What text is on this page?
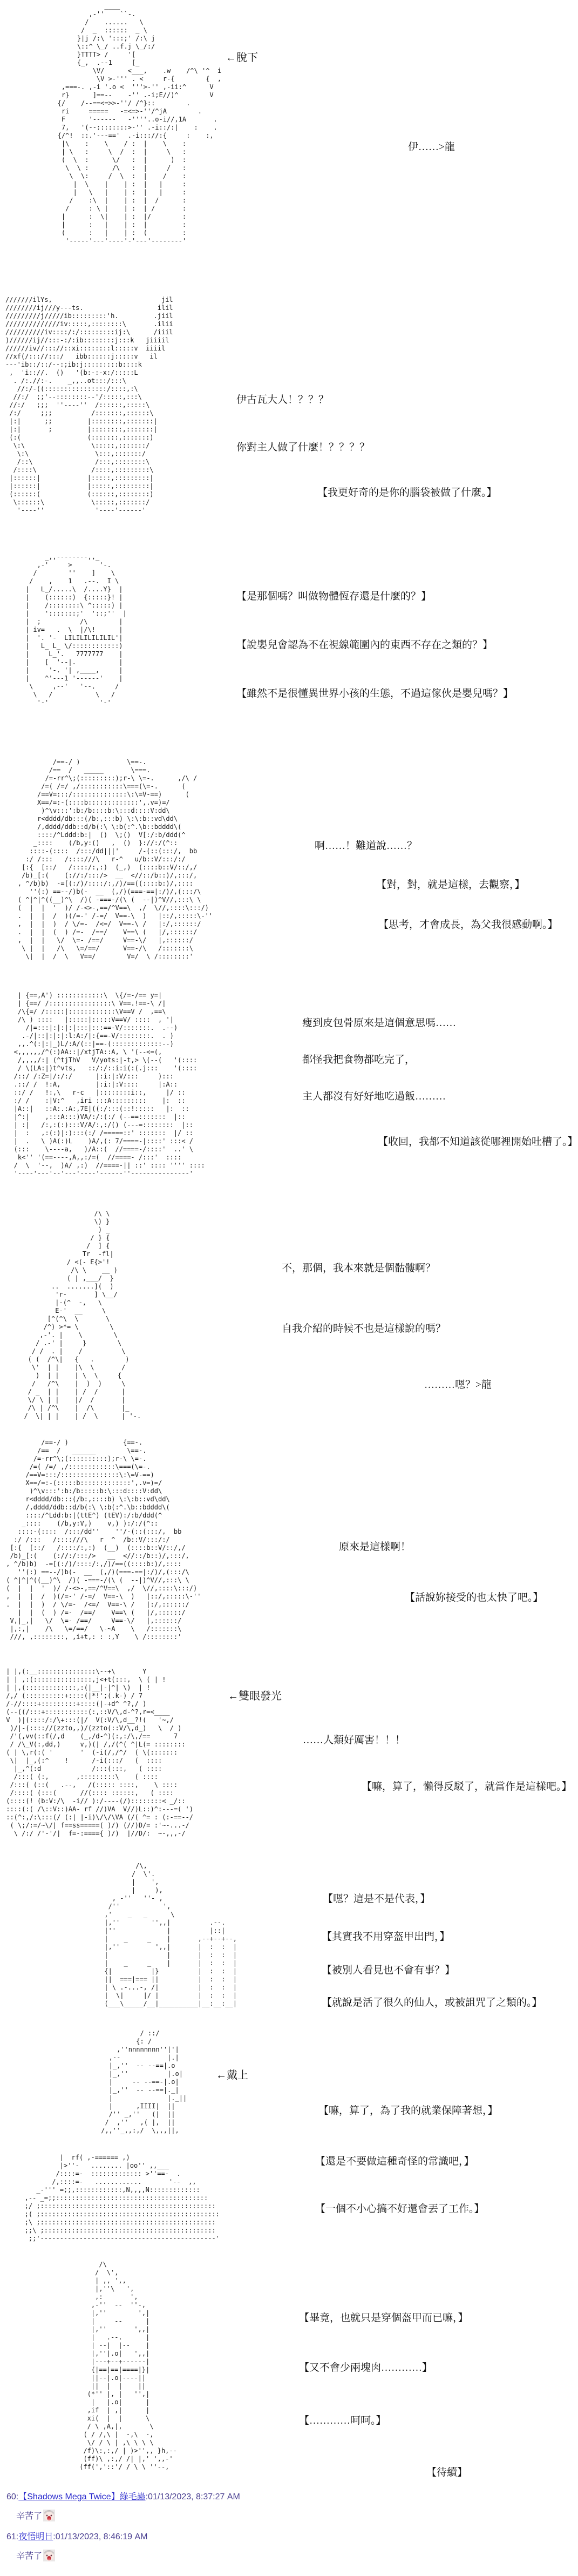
____
,-''    ``-.
/    ......   \
/  _  ::::::  _ \
}|j /:\ ':::;' /:\ j
\::^ \_/ ..f.j \_/:/
}TTTT> /     '[
{_,  .--1     [_
\V/      <___,    .w    /^\ '^  i
\V >-''' . <     r-{        {  ,
,===-. ,-i '.o <  '''>-'' ,-ii:^      V
r}      ]==--    -'' .-i;E//)^        V
{/    /--==<=>>-''/ /^}::        .
ri     =====   -=<=>-''/^jA        .
F      '------   -''''..o-i//,1A       .
7,   '(--::::::::>-'' .-i::/:|    :    .
{/^!  ::.'---=='  .-i::://:{     :    :,
|\    :    \    / :  |    \    :
| \   :     \  /  :  |     \   :
(  \  :      \/   :  |      )  :
\  \ :      /\   :  |     /   :
\  \:     /  \  :  |    /    :
|  \    |    | :  |   |     :
|   \   |    | :  |   |     :
/    :\  |    | :  |  /      :
/     : \ |    | :  | /       :
|      :  \|    | :  |/        :
|      :   |    | :  |         :
(      :   |    | :  (         :
'-----'---'----'-'---'--------'
←脫下
伊……>龍
///////ilYs,                            jil
////////ij///y---ts.                   ilil
/////////j/////ib:::::::::'h.         .jiil
//////////////iv:::::,::::::::\       .ilii
//////////iv::::/:/:::::::::ij:\      /iiil
)//////ij//:::-:/:ib::::::::j:::k   jiiiil
//////iv//::://::xi::::::::l:::::v  iiiil
//xf(/::://:::/   ibb::::::j:::::v   il
---'ib::/::/--:;ib:j:::::::::b::::k
,  'i:://.  ()   '(b:-:-x:/:::::L
. /:.//:-.    _,,..ot:::/:::\
//:/-((::::::::::::::::/::::,:\
//:/  ;;'--::::::::--'/:::::,:::\
//:/   ;;;  ''----''  /::::::,:::::\
/:/     ;;;          /:::::::,::::::\
|:|      ;;         |::::::::,:::::::|
|:|       ;         |::::::::,:::::::|
(:(                 (:::::::,:::::::)
\:\                 \:::::,:::::::/
\:\                 \:::,:::::::/
/::\                /:::,::::::::\
/::::\              /::::,:::::::::\
|::::::|            |:::::,:::::::::|
|::::::|            |:::::,:::::::::|
(::::::(            (::::::,::::::::)
\::::::\            \:::::,:::::::/
'----''             '----'------'
伊古瓦大人！？？？
你對主人做了什麼！？？？？
【我更好奇的是你的腦袋被做了什麼。】
_,,--------,,_
,-'     >       '-.
/        ''    ]    \
/    ,    1   .--.  I \
|   L_/.....\  /....Y}  |
|    (::::::)  {:::::}! |
|    /::::::::\ ^:::::) |
|    ':::::::;'  '::;''  |
|  ;          /\        |
| iv=   .  \  |/\!      |
|  '. '-  LILILILILILIL'|
|   L_ L_ \/::::::::::::)
|     L_'.   7777777    |
|    [  '--|.           |
|     '-. '| ,____,     |
|    ^'---1 '------'    |
\     ,--'   '--.     /
\   /           \   /
'-'             '-'
【是那個嗎？叫做物體恆存還是什麼的？】
【說嬰兒會認為不在視線範圍內的東西不存在之類的？】
【雖然不是很懂異世界小孩的生態，不過這傢伙是嬰兒嗎？】
/==-/ )            \==-.
/==  /   _____       \===.
/=-rr^\;(:::::::::);r-\ \=-.      ,/\ /
/=( /=/ ,/:::::::::::\===(\=-.      (
/==V=:::/::::::::::::::\:\=V-==)      (
X==/=:-(::::b:::::::::::::',.v=)=/
)^\v:::':b:/b::::b:\:::d::::V:dd\
r<dddd/db:::(/b:,:::b) \:\:b::vd\dd\
/,dddd/ddb::d/b(:\ \:b(:^.\b::bdddd\(
::::/^Lddd:b:|  ()  \;()  V[:/:b/ddd(^
_::::    (/b,y:()   ,  ()  }://:/(^::
::::-(::::  /:::/dd|||'     /-(::(:::/,  bb
:/ /:::   /::::///\   r-^   u/b::V/:::/:/
[:{  [::/   /::::/:,:)  (_,)  (::::b::V/::/,/
/b)_[:(    (://:/:::/>  __  <//::/b::)/,:::/,
, ^/b)b)  -=[(:/)/::::/:,/)/==((::::b:)/,::::
''(:) ==--/)b(-  __  (,/)(===-==|:/)/,(:::/\
( ^|^|^((__)^\  /)( -===-/(\ (  --|)^V//,:::\ \
(  |  |  '  )/ /-<>-,==/^V==\  ,/  \//,::::\:::/)
.  |  |  /  )(/=-' /-=/  V==-\  )   |::/,:::::\-''
,  |  |  )  / \/=-  /<=/  V==-\ /   |:/,::::::/
.  |  |  (  ) /=-  /==/    V==\ (   |/,::::::/
,  |  |   \/  \=- /==/     V==-\/   |,::::::/
\ |  |   /\   \=/==/      V==-/\   /:::::::\
\|  |  /  \   V==/        V=/  \ /::::::::'
啊……！難道說……？
【對，對，就是這樣，去觀察，】
【思考，才會成長，為父我很感動啊。】
| {==,A') ::::::::::::\  \{/=-/== y=|
| {==/ /::::::::::::::::\ V==.!==-\ /|
/\{=/ /:::::|::::::::::::\V==V /  ,==\
/\ ) ::::   |:::::|:::::V==V/ ::::  , '|
/|=:::|:|:|:|:::|:::==-V/:::::::.  .--)
.-/|::|:|:|:l:A:/|:{==-V/::::::::.  . )
,,.^(:|:|_)L/:A/(::|==-(:::::::::::::--)
<,,,,,,/^(:)AA::|/xtjTA::A, \ '(--<=(,
/,,,,/:| (^tjThV   V/yots:|-t,> \(--(   '(::::
/ \(LA:|)t^vts,   ::/:/::i:i(:(.j:::    '(::::
/::/ /:Z=|/:/:/      |:i:|:V/:::     ):::
.::/ /  !:A,         |:i:|:V::::     |:A::
::/ /   !:,\   r-c   |::::::::i::,     |/ ::
:/ /    :|V:^   ,iri :::A:::::::::    |:  ::
|A::|   ::A:.:A:,7E|((:/:::(::!:::::   |:  ::
|^:|    ,:::A:::)VA/:/:(:/ (--==:::::::  |::
| :|   /:,:(:):::V/A/:,:/() (---=::::::::  |::
|  :   ,:(:)|:):::(:/ /=====::' :::::::  |/ ::
|  .   \ )A(:)L    )A/,(: 7/====-|::::' :::< /
(:::    \----a,   )/A::(  //====-/::::'  ..' \
k<'' '(==----,A,,:/=(  //====- /:::'  ::::
/  \  '--,  )A/ ,:)  //====-|| ::' :::: '''' ::::
'----'---'--'---'----'------''---------------'
瘦到皮包骨原來是這個意思嗎……
都怪我把食物都吃完了，
主人都沒有好好地吃過飯………
【收回，我都不知道該從哪裡開始吐槽了。】
/\ \
\) }
) _
/ } {
/  ] {
Tr  -fl|
/ <(- E{>'!
/\ \    __ )
( | ,___/  }
..  .......](  )
'r-       ] \__/
|-(^  -,   \
E-'  __     \
[^(^\  \       \
/^) >*= \        \
,-'. |    \        \
/ .-' |     }        \
/ /  . |    /          \
( (  /^\|   {   .        )
\'  | |    |\  \       /
)  | |    | \  \     {
/   /^\    |  )  )     \
/ _  | |    | /  /      |
\/ \ | |    |/  /       |
/\ | /^\    |  /\       |_
/  \| | |    | /  \      | '-.
不，那個，我本來就是個骷髏啊？
自我介紹的時候不也是這樣說的嗎？
………嗯？>龍
/==-/ )              {==-.
/==  /   ______        \==-.
/=-rr^\;(::::::::::);r-\ \=-.
/=( /=/ ,/::::::::::::\===(\=-.
/==V=:::/:::::::::::::::\:\=V-==)
X==/=:-(:::::b:::::::::::::',.v=)=/
)^\v:::':b:/b:::::b:\:::d::::V:dd\
r<dddd/db:::(/b:,::::b) \:\:b::vd\dd\
/,dddd/ddb::d/b(:\ \:b(:^.\b::bdddd\(
::::/^Ldd:b:|(ttE^) (tEV):/:b/ddd(^
_::::    (/b,y:V,)    v,) ):/:/(^::
::::-(::::  /:::/dd''    ''/-(::(:::/,  bb
:/ /:::   /::::///\   r  ^  /b::V/:::/:/
[:{  [::/   /::::/:,:)  (__)  (::::b::V/::/,/
/b)_[:(    (://:/:::/>   __  <//::/b::)/,:::/,
, ^/b)b)  -=[(:/)/::::/:,/)/==((::::b:)/,::::
''(:) ==--/)b(-  __  (,/)(===-==|:/)/,(:::/\
( ^|^|^((__)^\  /)( -===-/(\ (  --|)^V//,:::\ \
(  |  |  '  )/ /-<>-,==/^V==\  ,/  \//,::::\:::/)
,  |  |  /  )(/=-' /-=/  V==-\  )   |::/,:::::\-''
.  |  |  )  / \/=-  /<=/  V==-\ /   |:/,::::::/
|  |  (  ) /=-  /==/    V==\ (   |/,::::::/
V,|_,|   \/  \=- /==/     V==-\/   |,::::::/
|,:,|    /\   \=/==/   \-~A    \   /:::::::\
///, ,::::::::, ,i+t,: : :,Y    \ /::::::::'
原來是這樣啊！
【話說妳接受的也太快了吧。】
| |,(:__:::::::::::::::\--+\       Y
| | ,:(:::::::::::::::,j<+t(:::,  \ ( | !
| |,(:::::::::::::,:(|__|-|^| \)  | !
/,/ (::::::::::+::::(|*!';(.k-) / 7
/-//::::+:::::::::+::::(|-+d^ ^?,/ )
(--((/:::+:::::::::::(:,::V/\,d-^?,r=<____
V  )|(::::/:/\+:::(|/  V(:V/\,d__?!(   '~,/
)/|-(:::://(zzto,,)/(zzto(::V/\,d_)   \  / )
/'(,vv(::f(/,d    (_,/d-^)(:,:/\,/==      7
/ /\_V(:,dd,)     v,)(| /,/(^( ^|L(= ::::::::
( | \,r(:( '       '  (-i(/,/^/  ( \(:::::::
\|  |_,(:^    !      /-i(:::/   (  ::::
|_,^(:d             /:::(:::,   ( ::::
/:::( (:,       ,:::::::::\    ( ::::
/:::( (::(   .--,   /(::::: ::::,    \ ::::
/::::( (:::(      //(:::: ::::::,   ( ::::
(::::(! (b:V:/\  -i// ):/----(/)::::::::< _/::
::::(:( /\::V::)AA- rf //)VA  V//)L::)^:---=( ')
::(^:,/:\:::(/ (:| |-i)\/\/\VA (/( ^= : (:-==--/
( \;/:=/~\/| f==ss=====( )/) (//)D/= :'~-...-/
\ /:/ /'-'/|  f=-:===={ )/)  |//D/:  ~-,,,-/
←雙眼發光
……人類好厲害！！！
【嘛，算了，懶得反駁了，就當作是這樣吧。】
/\,
/  \'.
|    ',
|     ),
, -''   ''- ,
/''           ',
,'    _   _      \
|,''        '',,|          .--.
|''             |          |::|
|    _     _    |       ,--+--+--,
|,''         ',,|       |  :  :  |
|               |       |  :  :  |
|    _     _    |       |  :  :  |
{|          |}          |  :  :  |
||  ===|=== ||          |  :  :  |
| \ .-...-, /|          |  :  :  |
|  \|     |/ |          |  :  :  |
(___\_____/__|__________|__:__:__|
【嗯？這是不是代表，】
【其實我不用穿盔甲出門，】
【被別人看見也不會有事？】
【就說是活了很久的仙人，或被詛咒了之類的。】
/ ::/
{: /
,''nnnnnnnn''|'|
,--            |.|
|_,''  -- --==|.o
|_,''          |.o|
|     -- --==-|.o|
|_,''  -- --==|._|
|              |._||
|      ,IIII|  ||
/'' _,''   (|  ||
/  ,''   ,( |,  ||
/,,''_,,:,/  \,,,||,
←戴上
【嘛，算了，為了我的就業保障著想，】
|  rf( ,-====== ,)
|>''-   ........ |oo'' ,,___
/::::=-  ::::::::::::: >''==-  .
/,::::=-   ............       '--  ,,
_-''' =;;,::::::::::::,N,,,,N:::::::::::::
,-- _=;;:::::::::::::::::::::::::::::::::::::::
;/ ;:::::::::::::::::::::::::::::::::::::::::::::
;( ;::::::::::::::::::::::::::::::::::::::::::::::
;\ ;:::::::::::::::::::::::::::::::::::::::::::::
;;\ ;::::::::::::::::::::::::::::::::::::::::::::
;;'---------------------------------------------'
【還是不要做這種奇怪的常識吧，】
【一個不小心搞不好還會丟了工作。】
/\
/  \',
| ,, ',,
|,''\   ',
,:       ',
,-''  --  ''-,
|,''        ',|
|     --      |
|,''       ',,|
|   .--.      |
| --|  |--    |
|,''|.o|   ',,|
|---+--+------|
{|==|==|====|}|
||--|.o|----||
||  |  |    ||
(*'' |, |   '',|
|   |.o|      |
,if  | ,|      |
xi(  |  |      \
/ \ ,A,|,       \
( / /,\ |  -,\  -,
\/ / \ | ,\ \ \ \
/f)\:,:,/ | )>'',, }h,--
(ff)\ ,:,/ /| |,' ',,-'
(ff(','::'/ / \ \ ''--,
【畢竟，也就只是穿個盔甲而已嘛，】
【又不會少兩塊肉…………】
【…………呵呵。】
【待續】
60:【Shadows Mega Twice】綠毛蟲:01/13/2023, 8:37:27 AM
辛苦了
61:夜悟明日:01/13/2023, 8:46:19 AM
辛苦了
